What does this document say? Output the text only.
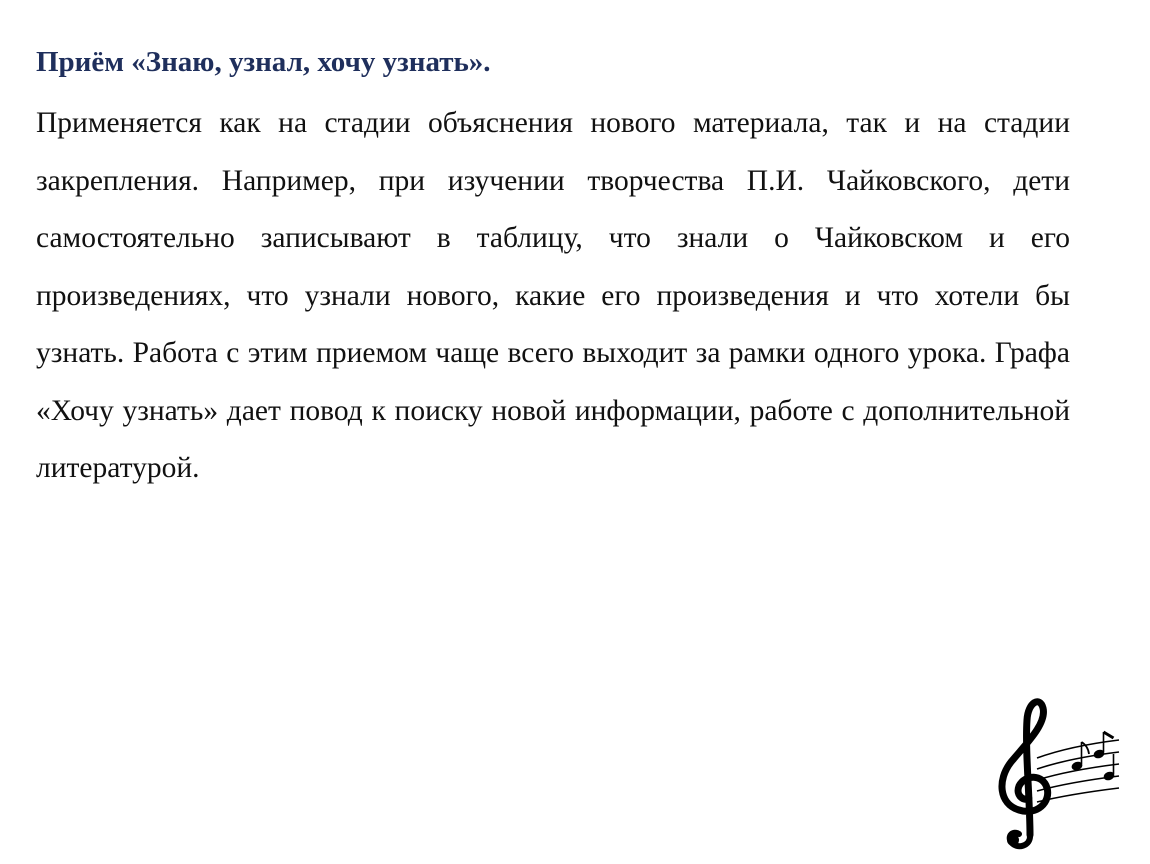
Приём «Знаю, узнал, хочу узнать».

Применяется как на стадии объяснения нового материала, так и на стадии закрепления. Например, при изучении творчества П.И. Чайковского, дети самостоятельно записывают в таблицу, что знали о Чайковском и его произведениях, что узнали нового, какие его произведения и что хотели бы узнать. Работа с этим приемом чаще всего выходит за рамки одного урока. Графа «Хочу узнать» дает повод к поиску новой информации, работе с дополнительной литературой.
